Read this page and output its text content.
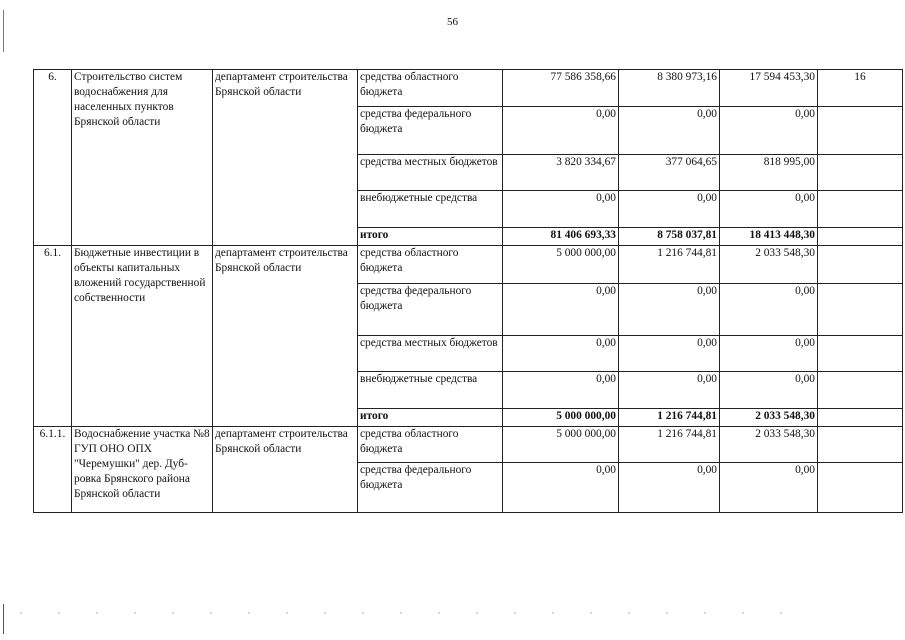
56
6.	Строительство систем водоснабжения для населенных пунктов Брянской области	департамент строительства Брянской области	средства областного бюджета	77 586 358,66	8 380 973,16	17 594 453,30	16
			средства федерального бюджета	0,00	0,00	0,00	
			средства местных бюджетов	3 820 334,67	377 064,65	818 995,00	
			внебюджетные средства	0,00	0,00	0,00	
			итого	81 406 693,33	8 758 037,81	18 413 448,30	
6.1.	Бюджетные инвестиции в объекты капитальных вложений государственной собственности	департамент строительства Брянской области	средства областного бюджета	5 000 000,00	1 216 744,81	2 033 548,30	
			средства федерального бюджета	0,00	0,00	0,00	
			средства местных бюджетов	0,00	0,00	0,00	
			внебюджетные средства	0,00	0,00	0,00	
			итого	5 000 000,00	1 216 744,81	2 033 548,30	
6.1.1.	Водоснабжение участка №8 ГУП ОНО ОПХ "Черемушки" дер. Дуб-ровка Брянского района Брянской области	департамент строительства Брянской области	средства областного бюджета	5 000 000,00	1 216 744,81	2 033 548,30	
			средства федерального бюджета	0,00	0,00	0,00	
